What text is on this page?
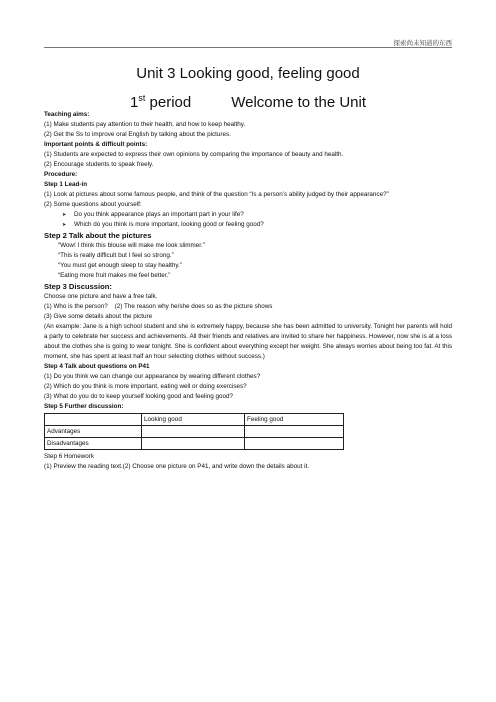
探索尚未知道的东西
Unit 3 Looking good, feeling good
1st period	Welcome to the Unit

Teaching aims:

(1) Make students pay attention to their health, and how to keep healthy.

(2) Get the Ss to improve oral English by talking about the pictures.

Important points & difficult points:

(1) Students are expected to express their own opinions by comparing the importance of beauty and health.

(2) Encourage students to speak freely.

Procedure:

Step 1 Lead-in

(1) Look at pictures about some famous people, and think of the question “Is a person’s ability judged by their appearance?”

(2) Some questions about yourself:

➤ Do you think appearance plays an important part in your life?

➤ Which do you think is more important, looking good or feeling good?

Step 2 Talk about the pictures

“Wow! I think this blouse will make me look slimmer.”

“This is really difficult but I feel so strong.”

“You must get enough sleep to stay healthy.”

“Eating more fruit makes me feel better.”

Step 3 Discussion:

Choose one picture and have a free talk.

(1) Who is the person?    (2) The reason why he/she does so as the picture shows

(3) Give some details about the picture

(An example: Jane is a high school student and she is extremely happy, because she has been admitted to university. Tonight her parents will hold a party to celebrate her success and achievements. All their friends and relatives are invited to share her happiness. However, now she is at a loss about the clothes she is going to wear tonight. She is confident about everything except her weight. She always worries about being too fat. At this moment, she has spent at least half an hour selecting clothes without success.)

Step 4 Talk about questions on P41

(1) Do you think we can change our appearance by wearing different clothes?

(2) Which do you think is more important, eating well or doing exercises?

(3) What do you do to keep yourself looking good and feeling good?

Step 5 Further discussion:

	Looking good	Feeling good
Advantages		
Disadvantages		

Step 6 Homework

(1) Preview the reading text.(2) Choose one picture on P41, and write down the details about it.
